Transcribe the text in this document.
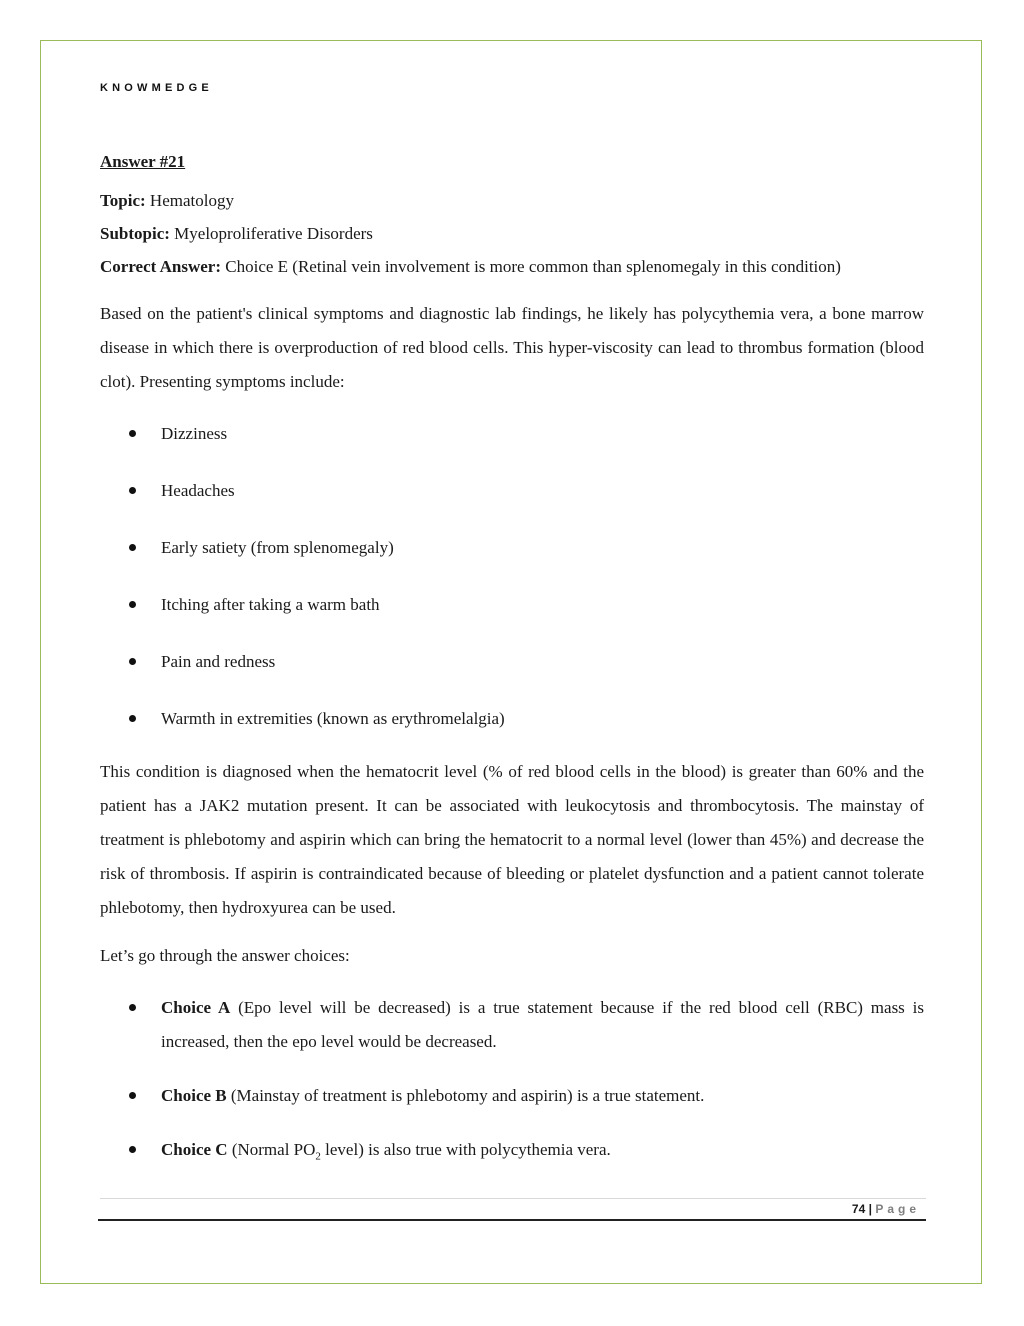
KNOWMEDGE

Answer #21

Topic: Hematology

Subtopic: Myeloproliferative Disorders

Correct Answer: Choice E (Retinal vein involvement is more common than splenomegaly in this condition)

Based on the patient's clinical symptoms and diagnostic lab findings, he likely has polycythemia vera, a bone marrow disease in which there is overproduction of red blood cells. This hyper-viscosity can lead to thrombus formation (blood clot). Presenting symptoms include:

Dizziness
Headaches
Early satiety (from splenomegaly)
Itching after taking a warm bath
Pain and redness
Warmth in extremities (known as erythromelalgia)

This condition is diagnosed when the hematocrit level (% of red blood cells in the blood) is greater than 60% and the patient has a JAK2 mutation present. It can be associated with leukocytosis and thrombocytosis. The mainstay of treatment is phlebotomy and aspirin which can bring the hematocrit to a normal level (lower than 45%) and decrease the risk of thrombosis. If aspirin is contraindicated because of bleeding or platelet dysfunction and a patient cannot tolerate phlebotomy, then hydroxyurea can be used.

Let’s go through the answer choices:

Choice A (Epo level will be decreased) is a true statement because if the red blood cell (RBC) mass is increased, then the epo level would be decreased.
Choice B (Mainstay of treatment is phlebotomy and aspirin) is a true statement.
Choice C (Normal $PO_2$ level) is also true with polycythemia vera.
74 | Page
